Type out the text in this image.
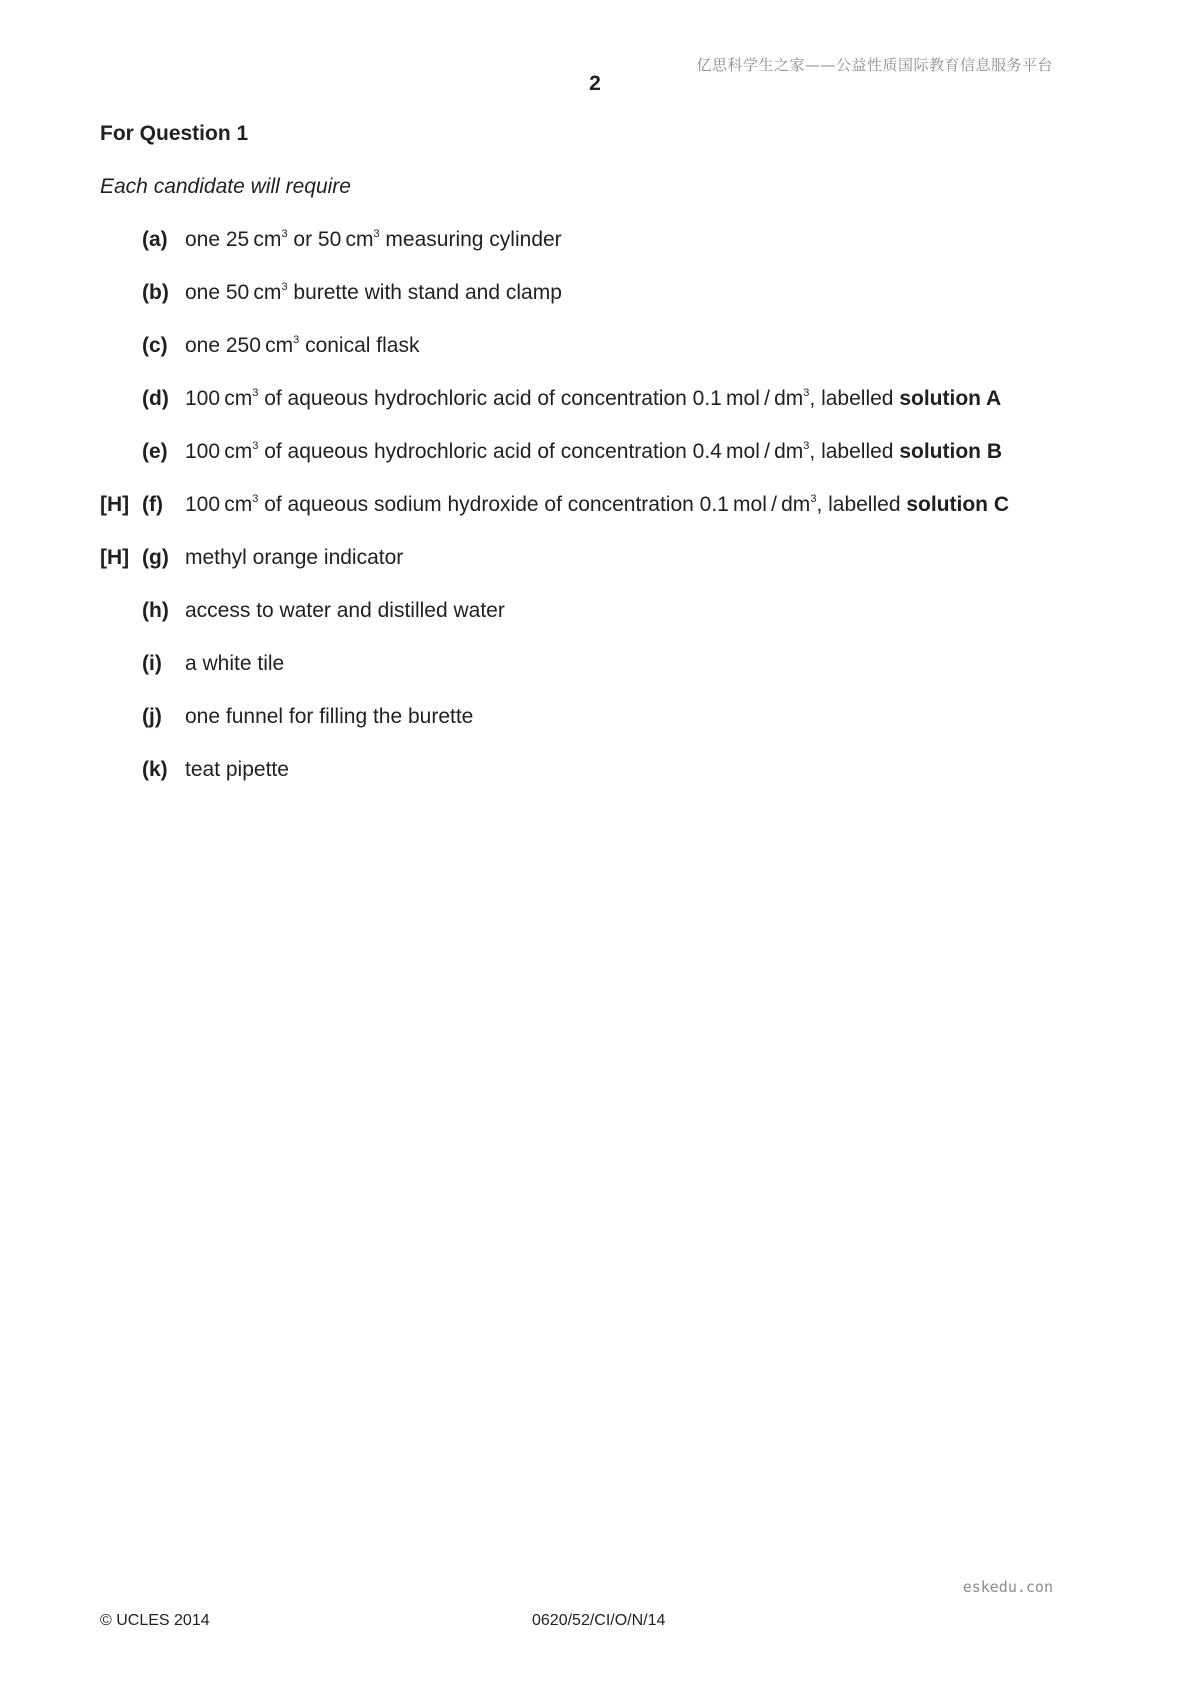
亿思科学生之家——公益性质国际教育信息服务平台
2
For Question 1
Each candidate will require
(a) one 25 $cm^3$ or 50 $cm^3$ measuring cylinder
(b) one 50 $cm^3$ burette with stand and clamp
(c) one 250 $cm^3$ conical flask
(d) 100 $cm^3$ of aqueous hydrochloric acid of concentration 0.1 mol / $dm^3$, labelled solution A
(e) 100 $cm^3$ of aqueous hydrochloric acid of concentration 0.4 mol / $dm^3$, labelled solution B
[H] (f) 100 $cm^3$ of aqueous sodium hydroxide of concentration 0.1 mol / $dm^3$, labelled solution C
[H] (g) methyl orange indicator
(h) access to water and distilled water
(i) a white tile
(j) one funnel for filling the burette
(k) teat pipette
eskedu.con
© UCLES 2014	0620/52/CI/O/N/14
